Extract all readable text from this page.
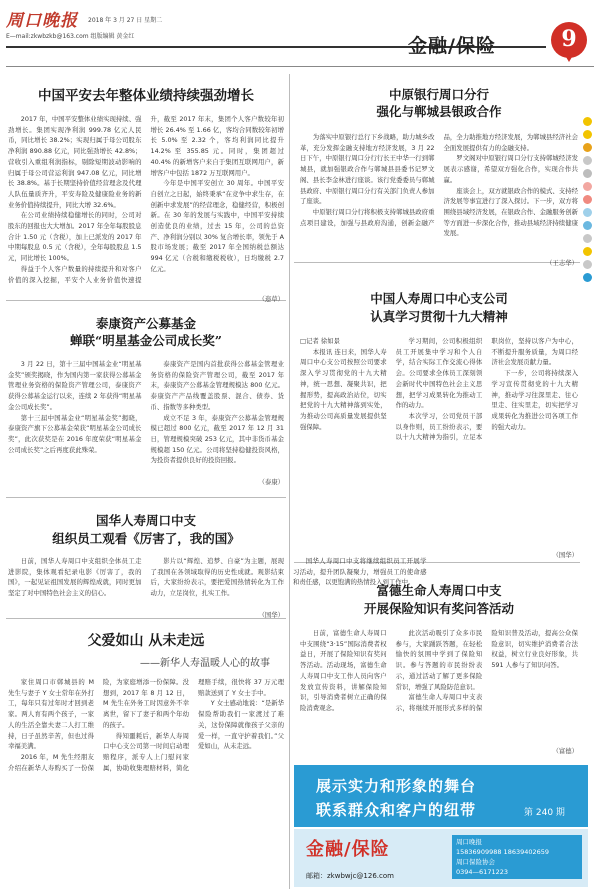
周口晚报 2018 年 3 月 27 日 星期二
E—mail:zkwbzkb@163.com 组版编辑 黄金红	金融/保险	9
中国平安去年整体业绩持续强劲增长

2017 年，中国平安整体业绩实现持续、强劲增长。集团实现净利润 999.78 亿元人民币，同比增长 38.2%；实现归属于母公司股东净利润 890.88 亿元，同比强劲增长 42.8%；营收引入重组利润指标，剔除短期波动影响的归属于母公司营运利润 947.08 亿元，同比增长 38.8%。基于长期坚持价值经营理念及代理人队伍量质齐升，平安寿险及健康险业务的新业务价值持续提升，同比大增 32.6%。

在公司业绩持续稳健增长的同时，公司对股东的回报也大大增加。2017 年全年每股股息合计 1.50 元（含税），加上已派发的 2017 年中期每股息 0.5 元（含税），全年每股股息 1.5 元，同比增长 100%。

得益于个人客户数量的持续提升和对客户价值的深入挖掘，平安个人业务价值快速提升，截至 2017 年末，集团个人客户数较年初增长 26.4% 至 1.66 亿，客均合同数较年初增长 5.0% 至 2.32 个，客均利润同比提升 14.2% 至 355.85 元。同时，集团超过 40.4% 的新增客户来自于集团互联网用户，新增客户中包括 1872 万互联网用户。

今年是中国平安创立 30 周年。中国平安自创立之日起，始终秉承“在竞争中求生存，在创新中求发展”的经营理念，稳健经营，积极创新。在 30 年的发展与实践中，中国平安持续创造优良的业绩，过去 15 年，公司的总资产、净利润分别以 30% 复合增长率，领先于 A 股市场发展；截至 2017 年全国纳税总额达 994 亿元（合税和缴税税收），日均缴税 2.7 亿元。

（迩草）
中原银行周口分行
强化与郸城县银政合作

为落实中原银行总行下乡战略，助力城乡改革，充分发挥金融支持地方经济发展，3 月 22 日下午，中原银行周口分行行长王中华一行到郸城县，就加强银政合作与郸城县县委书记罗文阁、县长李金林进行座谈。该行党委委员与郸城县政府、中原银行周口分行有关部门负责人参加了座谈。

中原银行周口分行将积极支持郸城县政府重点项目建设，加强与县政府沟通，创新金融产品，全力助推地方经济发展，为郸城县经济社会全面发展提供有力的金融支持。

罗文阁对中原银行周口分行支持郸城经济发展表示感谢，希望双方强化合作，实现合作共赢。

座谈会上，双方就银政合作的模式、支持经济发展等事宜进行了深入探讨。下一步，双方将围绕县域经济发展，在银政合作、金融服务创新等方面进一步深化合作，推动县域经济持续健康发展。

（王志华）
泰康资产公募基金
蝉联“明星基金公司成长奖”

3 月 22 日，第十三届中国基金业“明星基金奖”颁奖揭晓，作为国内第一家获得公募基金管理业务资格的保险资产管理公司，泰康资产获得公募基金运行以来，连续 2 年获得“明星基金公司成长奖”。

第十三届中国基金业“明星基金奖”揭晓，泰康资产旗下公募基金荣获“明星基金公司成长奖”，此次获奖是在 2016 年度荣获“明星基金公司成长奖”之后再度获此殊荣。

泰康资产是国内首批获得公募基金管理业务资格的保险资产管理公司，截至 2017 年末，泰康资产公募基金管理规模达 800 亿元。泰康资产产品线覆盖股票、混合、债券、货币、指数等多种类型。

成立不足 3 年，泰康资产公募基金管理规模已超过 800 亿元，截至 2017 年 12 月 31 日，管理规模突破 253 亿元，其中非货币基金规模超 150 亿元。公司将坚持稳健投资风格，为投资者提供良好的投资回报。

（泰康）
中国人寿周口中心支公司
认真学习贯彻十九大精神

□记者 徐如景

本报讯 连日来，国华人寿周口中心支公司按照公司要求深入学习贯彻党的十九大精神，统一思想、凝聚共识，把握形势，提高政治站位，切实把党的十九大精神落到实处，为推动公司高质量发展提供坚强保障。

学习期间，公司积极组织员工开展集中学习和个人自学，结合实际工作交流心得体会。公司要求全体员工深刻领会新时代中国特色社会主义思想，把学习成果转化为推动工作的动力。

本次学习，公司党员干部以身作则，员工纷纷表示，要以十九大精神为指引，立足本职岗位，坚持以客户为中心，不断提升服务质量，为周口经济社会发展贡献力量。

下一步，公司将持续深入学习宣传贯彻党的十九大精神，推动学习往深里走、往心里走、往实里走，切实把学习成果转化为推进公司各项工作的强大动力。

（国华）
国华人寿周口中支
组织员工观看《厉害了，我的国》

日前，国华人寿周口中支组织全体员工走进影院，集体观看纪录电影《厉害了，我的国》，一起见证祖国发展的辉煌成就，同时更加坚定了对中国特色社会主义的信心。

影片以“辉煌、追梦、自豪”为主题，展现了我国在各领域取得的历史性成就。观影结束后，大家纷纷表示，要把爱国热情转化为工作动力，立足岗位，扎实工作。

国华人寿周口中支将继续组织员工开展学习活动，提升团队凝聚力，增强员工的使命感和责任感，以更饱满的热情投入到工作中。

（国华）
父爱如山 从未走远
——新华人寿温暖人心的故事

家住周口市郸城县的 M 先生与妻子 Y 女士常年在外打工，每年只有过年时才回到老家。两人育有两个孩子，一家人的生活全靠夫妻二人打工维持，日子虽然辛苦，但也过得幸福美满。

2016 年，M 先生经朋友介绍在新华人寿购买了一份保险，为家庭增添一份保障。没想到，2017 年 8 月 12 日，M 先生在外务工时因意外不幸离世，留下了妻子和两个年幼的孩子。

得知噩耗后，新华人寿周口中心支公司第一时间启动理赔程序，派专人上门慰问家属，协助收集理赔材料，简化理赔手续，很快将 37 万元理赔款送到了 Y 女士手中。

Y 女士感动地说：“是新华保险帮助我们一家渡过了难关，这份保障就像孩子父亲的爱一样，一直守护着我们。”父爱如山，从未走远。

富德生命人寿周口中支
开展保险知识有奖问答活动

日前，富德生命人寿周口中支围绕“3·15”国际消费者权益日，开展了保险知识有奖问答活动。活动现场，富德生命人寿周口中支工作人员向客户发放宣传资料，讲解保险知识，引导消费者树立正确的保险消费观念。

此次活动吸引了众多市民参与，大家踊跃答题，在轻松愉快的氛围中学到了保险知识。参与答题的市民纷纷表示，通过活动了解了更多保险常识，增强了风险防范意识。

富德生命人寿周口中支表示，将继续开展形式多样的保险知识普及活动，提高公众保险意识，切实维护消费者合法权益，树立行业良好形象，共 591 人参与了知识问答。

（富德）
展示实力和形象的舞台
联系群众和客户的纽带	第 240 期
金融/保险
邮箱：zkwbwjc@126.com
周口晚报
15836909988 18639402659
周口保险协会
0394—6171223
